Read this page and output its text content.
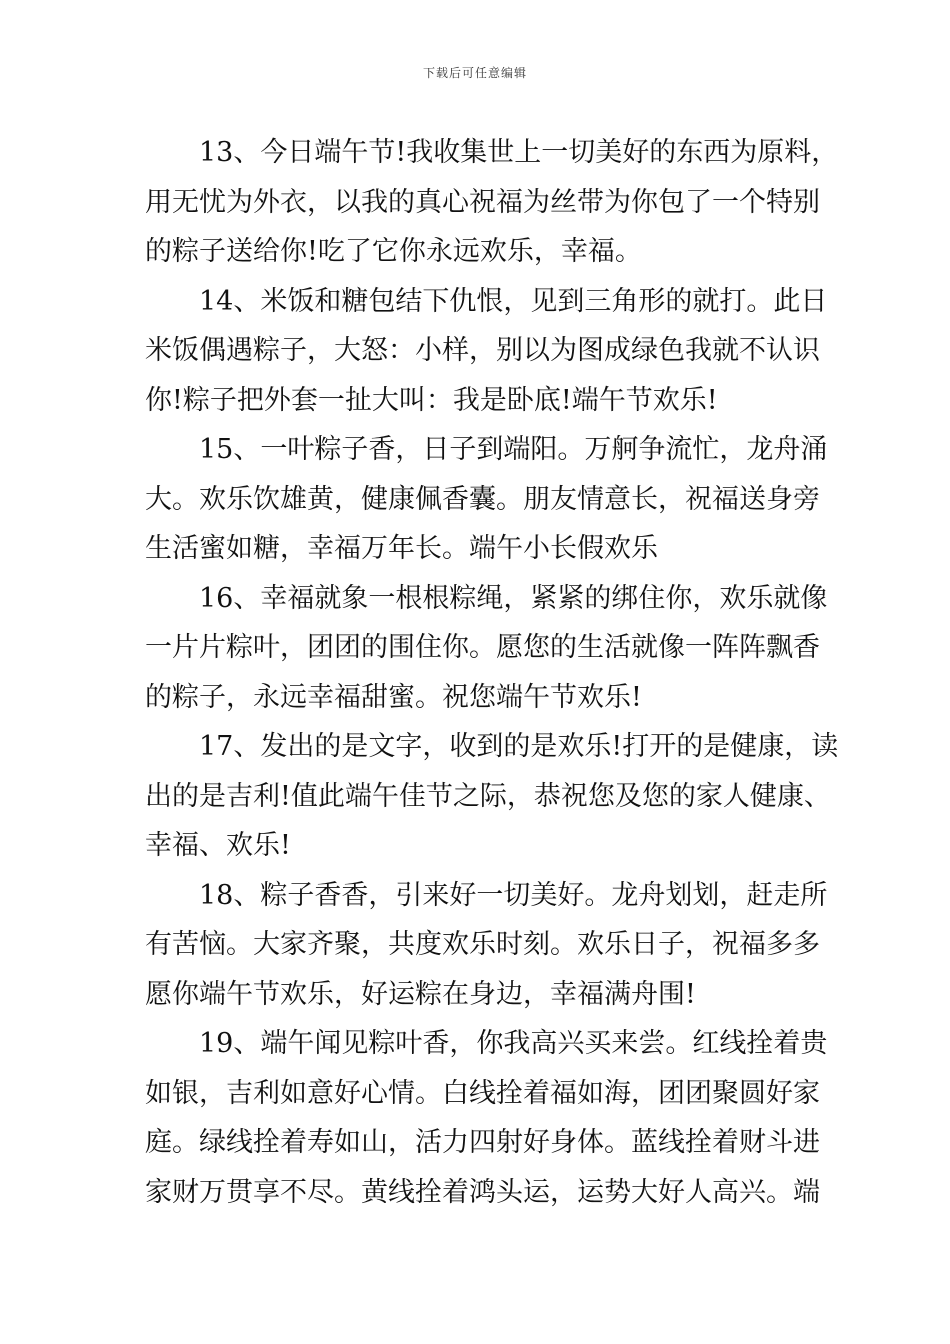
下载后可任意编辑
13、今日端午节!我收集世上一切美好的东西为原料，
用无忧为外衣，以我的真心祝福为丝带为你包了一个特别
的粽子送给你!吃了它你永远欢乐，幸福。
14、米饭和糖包结下仇恨，见到三角形的就打。此日
米饭偶遇粽子，大怒：小样，别以为图成绿色我就不认识
你!粽子把外套一扯大叫：我是卧底!端午节欢乐!
15、一叶粽子香，日子到端阳。万舸争流忙，龙舟涌
大。欢乐饮雄黄，健康佩香囊。朋友情意长，祝福送身旁
生活蜜如糖，幸福万年长。端午小长假欢乐
16、幸福就象一根根粽绳，紧紧的绑住你，欢乐就像
一片片粽叶，团团的围住你。愿您的生活就像一阵阵飘香
的粽子，永远幸福甜蜜。祝您端午节欢乐!
17、发出的是文字，收到的是欢乐!打开的是健康，读
出的是吉利!值此端午佳节之际，恭祝您及您的家人健康、
幸福、欢乐!
18、粽子香香，引来好一切美好。龙舟划划，赶走所
有苦恼。大家齐聚，共度欢乐时刻。欢乐日子，祝福多多
愿你端午节欢乐，好运粽在身边，幸福满舟围!
19、端午闻见粽叶香，你我高兴买来尝。红线拴着贵
如银，吉利如意好心情。白线拴着福如海，团团聚圆好家
庭。绿线拴着寿如山，活力四射好身体。蓝线拴着财斗进
家财万贯享不尽。黄线拴着鸿头运，运势大好人高兴。端
